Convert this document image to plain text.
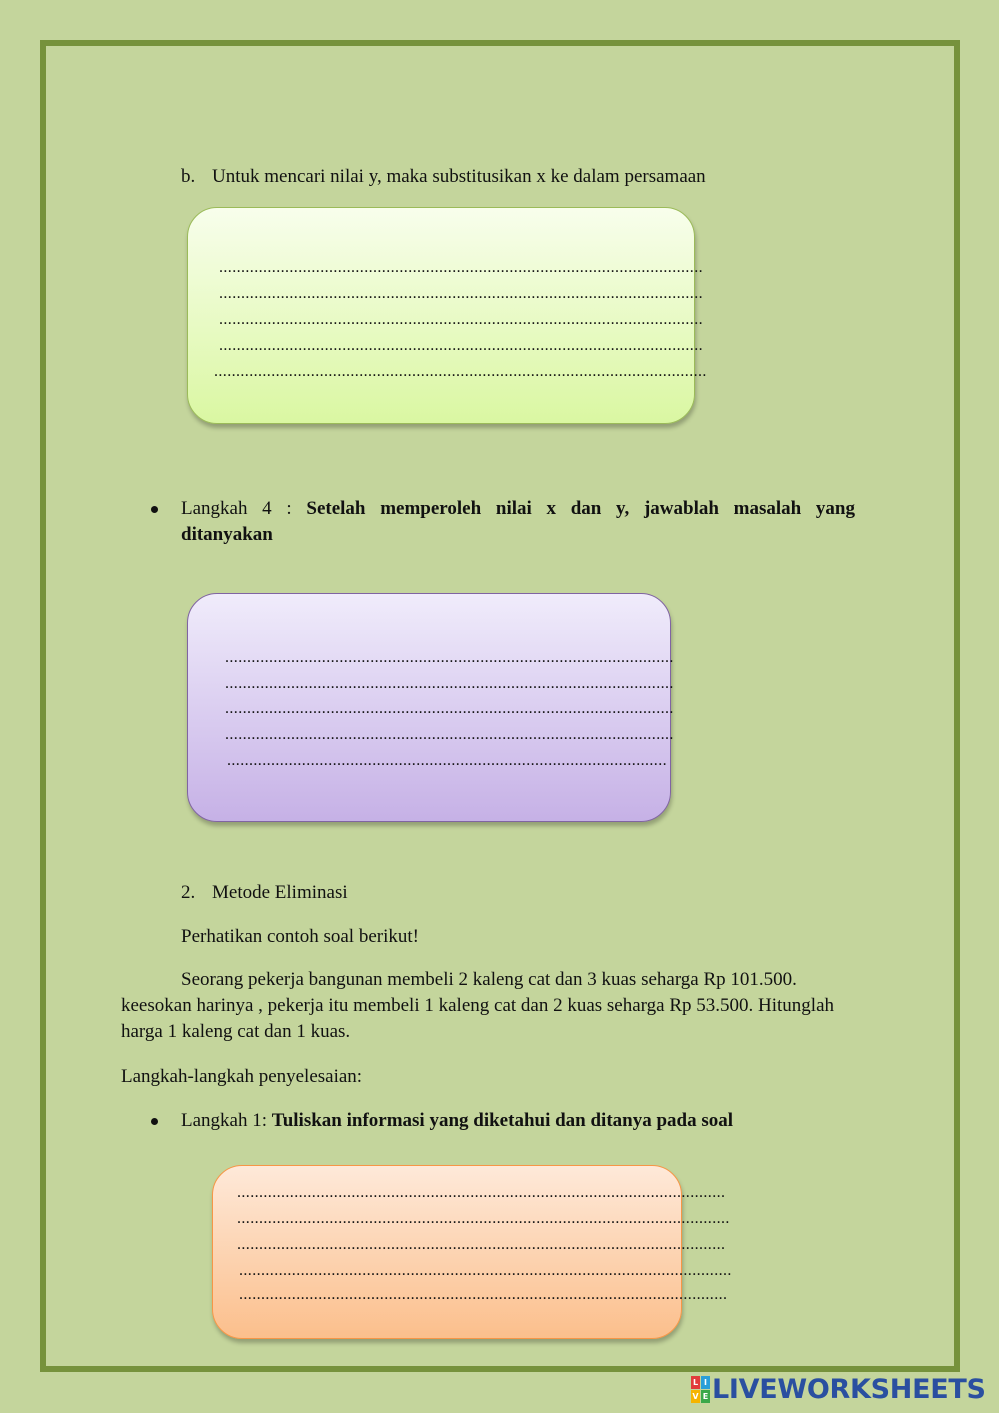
b. Untuk mencari nilai y, maka substitusikan x ke dalam persamaan
..............................................................................................................
..............................................................................................................
..............................................................................................................
..............................................................................................................
................................................................................................................
Langkah 4 : Setelah memperoleh nilai x dan y, jawablah masalah yang
ditanyakan
......................................................................................................
......................................................................................................
......................................................................................................
......................................................................................................
....................................................................................................
2. Metode Eliminasi
Perhatikan contoh soal berikut!
Seorang pekerja bangunan membeli 2 kaleng cat dan 3 kuas seharga Rp 101.500.
keesokan harinya , pekerja itu membeli 1 kaleng cat dan 2 kuas seharga Rp 53.500. Hitunglah
harga 1 kaleng cat dan 1 kuas.
Langkah-langkah penyelesaian:
Langkah 1: Tuliskan informasi yang diketahui dan ditanya pada soal
...............................................................................................................
................................................................................................................
...............................................................................................................
................................................................................................................
...............................................................................................................
L I
V E LIVEWORKSHEETS
